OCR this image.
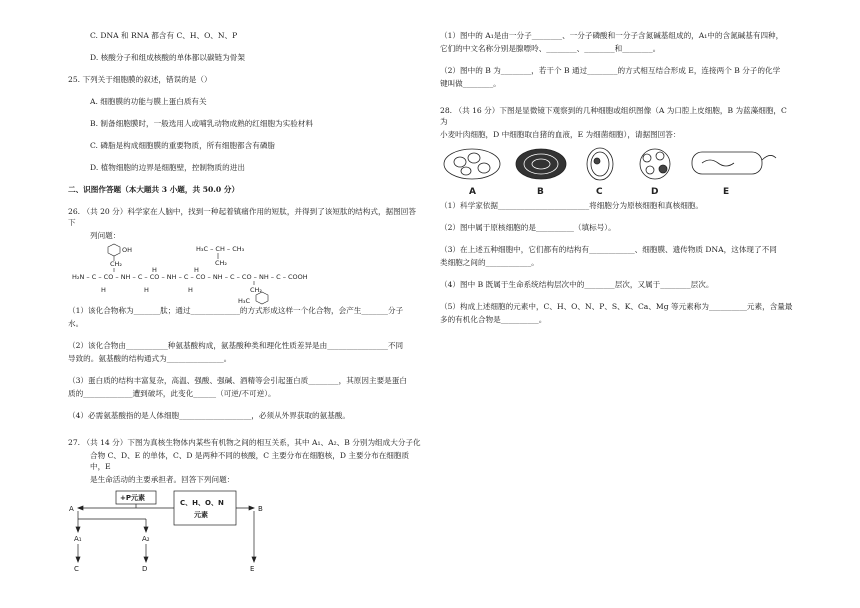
C. DNA 和 RNA 都含有 C、H、O、N、P

D. 核酸分子和组成核酸的单体都以碳链为骨架

25. 下列关于细胞膜的叙述，错误的是（）

A. 细胞膜的功能与膜上蛋白质有关

B. 制备细胞膜时，一般选用人或哺乳动物成熟的红细胞为实验材料

C. 磷脂是构成细胞膜的重要物质，所有细胞都含有磷脂

D. 植物细胞的边界是细胞壁，控制物质的进出

二、识图作答题（本大题共 3 小题，共 50.0 分）

26. （共 20 分）科学家在人脑中，找到一种起着镇痛作用的短肽，并得到了该短肽的结构式，据图回答下

列问题：

H₃C – CH – CH₃
CH₂
OH
CH₂
H₂N – C – CO – NH – C – CO – NH – C – CO – NH – C – CO – NH – C – COOH
H	H	H
H	H
CH₂
H₃C

（1）该化合物称为_______肽；通过_____________的方式形成这样一个化合物，会产生_______分子

水。

（2）该化合物由___________种氨基酸构成，氨基酸种类和理化性质差异是由________________不同

导致的。氨基酸的结构通式为_______________。

（3）蛋白质的结构丰富复杂，高温、强酸、强碱、酒精等会引起蛋白质________，其原因主要是蛋白

质的_____________遭到破坏，此变化______（可逆/不可逆）。

（4）必需氨基酸指的是人体细胞___________________，必须从外界获取的氨基酸。

27. （共 14 分）下图为真核生物体内某些有机物之间的相互关系，其中 A₁、A₂、B 分别为组成大分子化

合物 C、D、E 的单体，C、D 是两种不同的核酸，C 主要分布在细胞核，D 主要分布在细胞质中，E

是生命活动的主要承担者。回答下列问题：

+P元素
C、H、O、N
元素
A	B
A₁	A₂
C	D	E

（1）图中的 A₁是由一分子________、一分子磷酸和一分子含氮碱基组成的，A₁中的含氮碱基有四种，

它们的中文名称分别是腺嘌呤、________、________和________。

（2）图中的 B 为________，若干个 B 通过________的方式相互结合形成 E，连接两个 B 分子的化学

键叫做________。

28. （共 16 分）下图是显微镜下观察到的几种细胞或组织图像（A 为口腔上皮细胞，B 为蓝藻细胞，C 为

小麦叶肉细胞，D 中细胞取自猪的血液，E 为细菌细胞），请据图回答：

A	B	C	D	E

（1）科学家依据________________________将细胞分为原核细胞和真核细胞。

（2）图中属于原核细胞的是__________（填标号）。

（3）在上述五种细胞中，它们都有的结构有____________、细胞膜、遗传物质 DNA，这体现了不同

类细胞之间的____________。

（4）图中 B 既属于生命系统结构层次中的________层次，又属于________层次。

（5）构成上述细胞的元素中，C、H、O、N、P、S、K、Ca、Mg 等元素称为__________元素，含量最

多的有机化合物是__________。
